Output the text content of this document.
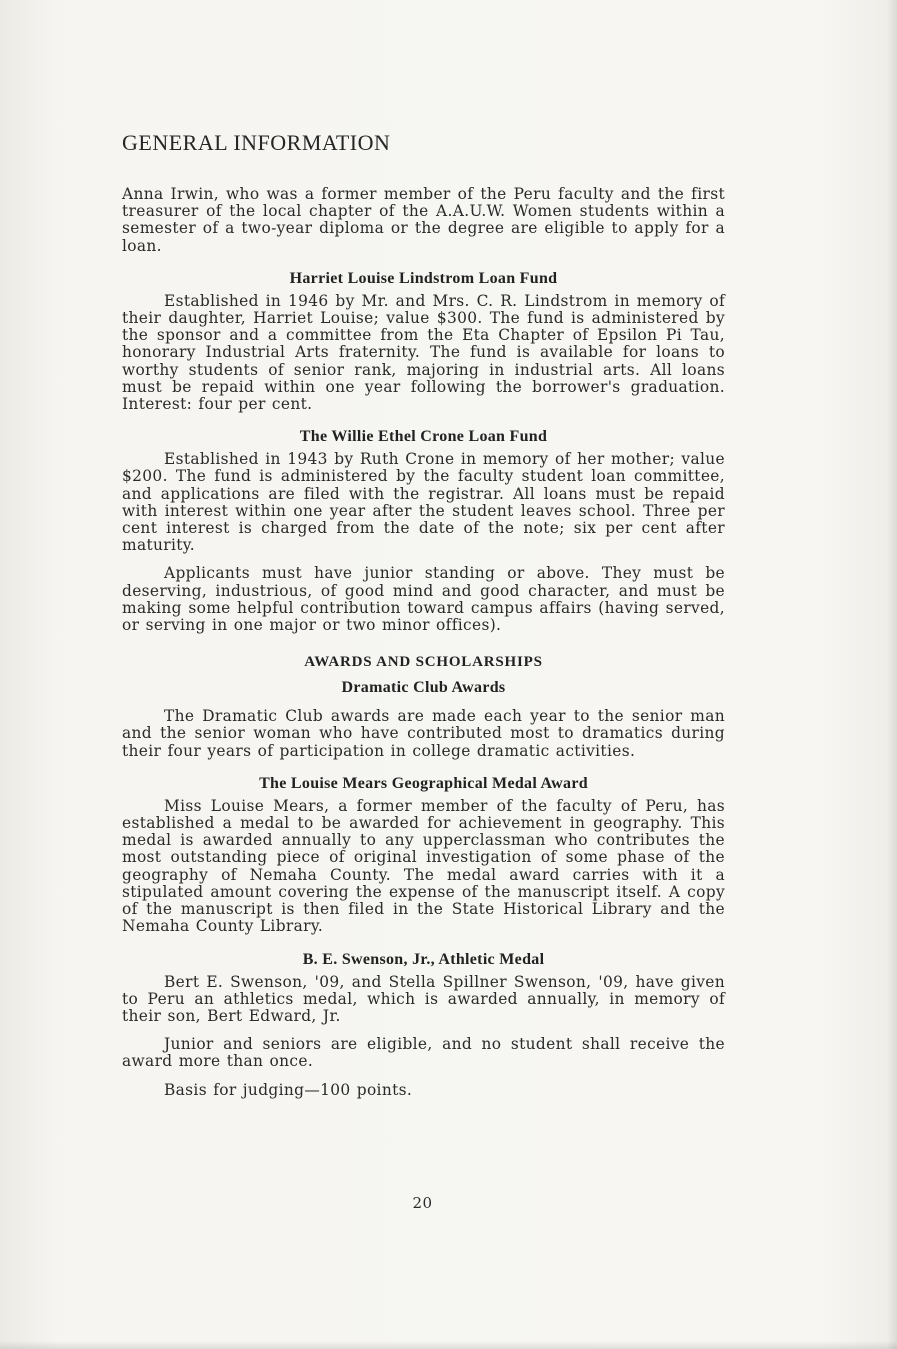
GENERAL INFORMATION

Anna Irwin, who was a former member of the Peru faculty and the first treasurer of the local chapter of the A.A.U.W. Women students within a semester of a two-year diploma or the degree are eligible to apply for a loan.

Harriet Louise Lindstrom Loan Fund

Established in 1946 by Mr. and Mrs. C. R. Lindstrom in memory of their daughter, Harriet Louise; value $300. The fund is administered by the sponsor and a committee from the Eta Chapter of Epsilon Pi Tau, honorary Industrial Arts fraternity. The fund is available for loans to worthy students of senior rank, majoring in industrial arts. All loans must be repaid within one year following the borrower's graduation. Interest: four per cent.

The Willie Ethel Crone Loan Fund

Established in 1943 by Ruth Crone in memory of her mother; value $200. The fund is administered by the faculty student loan committee, and applications are filed with the registrar. All loans must be repaid with interest within one year after the student leaves school. Three per cent interest is charged from the date of the note; six per cent after maturity.

Applicants must have junior standing or above. They must be deserving, industrious, of good mind and good character, and must be making some helpful contribution toward campus affairs (having served, or serving in one major or two minor offices).

AWARDS AND SCHOLARSHIPS
Dramatic Club Awards

The Dramatic Club awards are made each year to the senior man and the senior woman who have contributed most to dramatics during their four years of participation in college dramatic activities.

The Louise Mears Geographical Medal Award

Miss Louise Mears, a former member of the faculty of Peru, has established a medal to be awarded for achievement in geography. This medal is awarded annually to any upperclassman who contributes the most outstanding piece of original investigation of some phase of the geography of Nemaha County. The medal award carries with it a stipulated amount covering the expense of the manuscript itself. A copy of the manuscript is then filed in the State Historical Library and the Nemaha County Library.

B. E. Swenson, Jr., Athletic Medal

Bert E. Swenson, '09, and Stella Spillner Swenson, '09, have given to Peru an athletics medal, which is awarded annually, in memory of their son, Bert Edward, Jr.

Junior and seniors are eligible, and no student shall receive the award more than once.

Basis for judging—100 points.

20
